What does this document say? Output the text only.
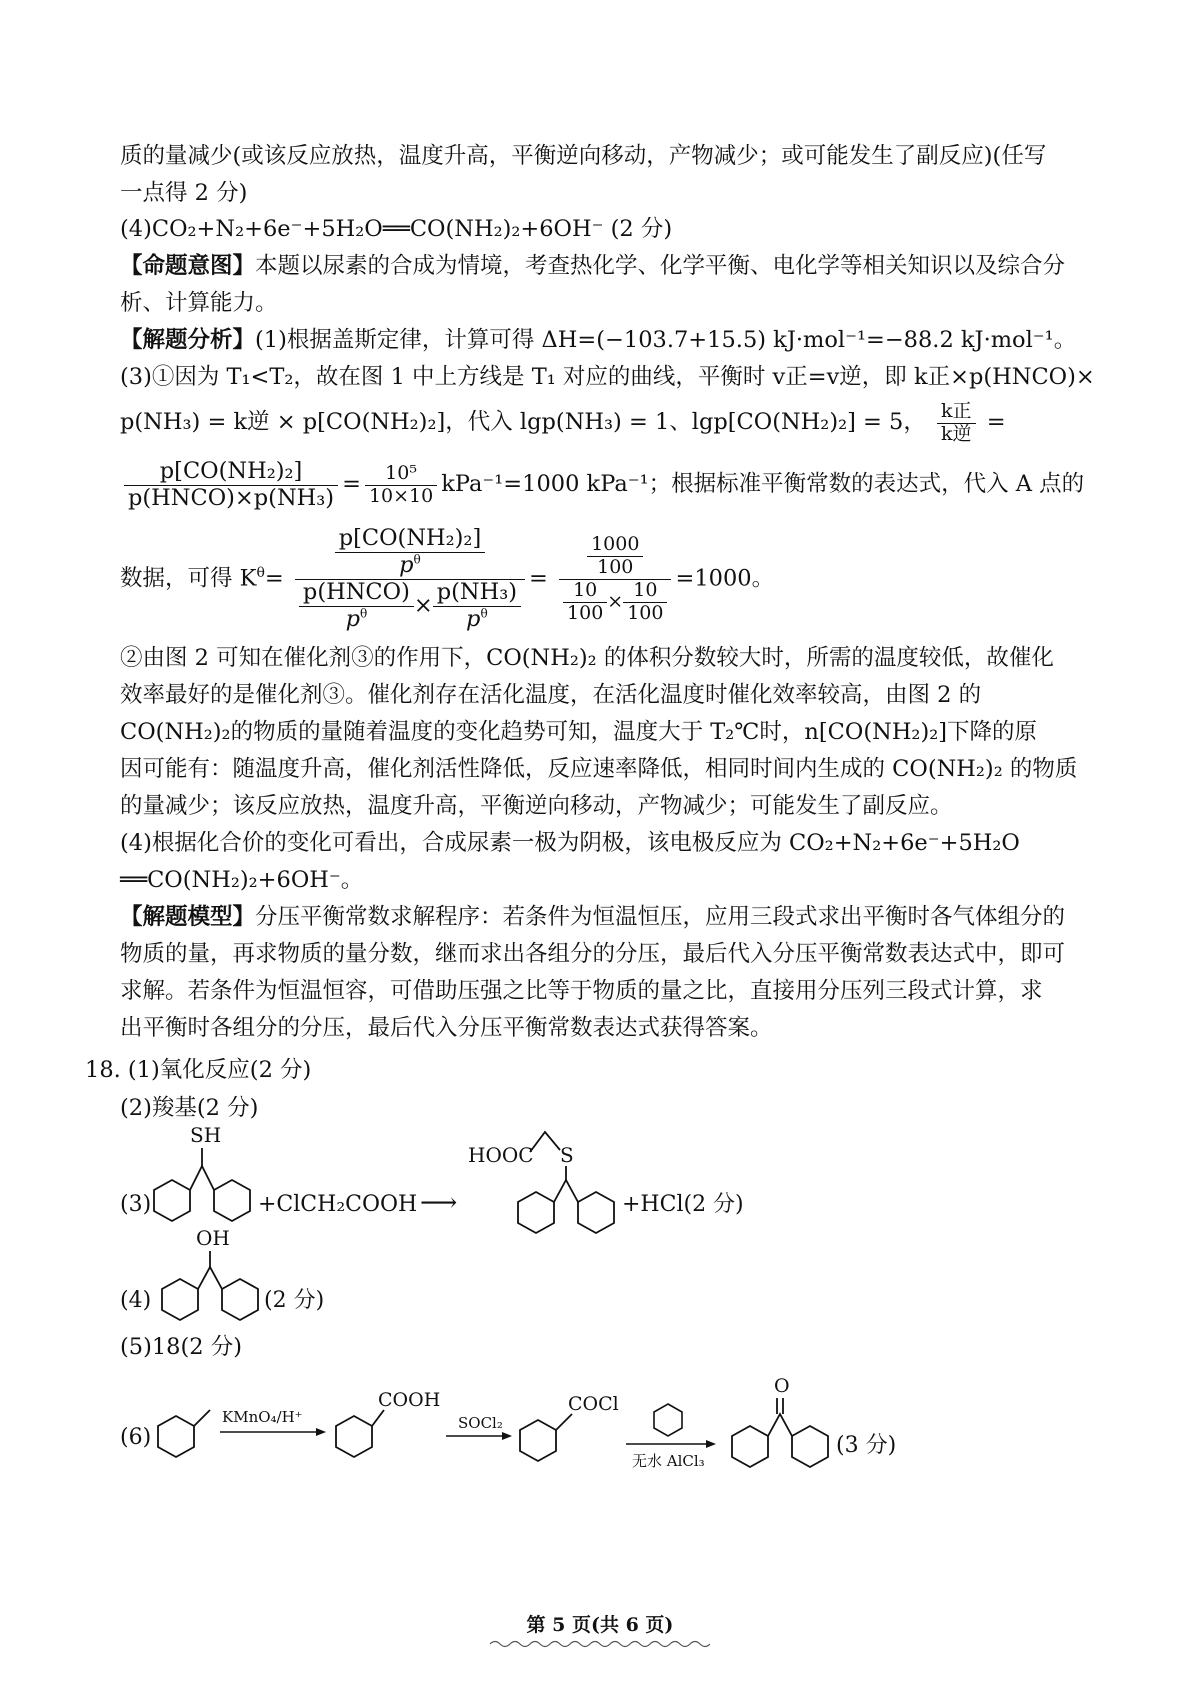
质的量减少(或该反应放热，温度升高，平衡逆向移动，产物减少；或可能发生了副反应)(任写
一点得 2 分)
(4)CO₂+N₂+6e⁻+5H₂O══CO(NH₂)₂+6OH⁻ (2 分)
【命题意图】本题以尿素的合成为情境，考查热化学、化学平衡、电化学等相关知识以及综合分
析、计算能力。
【解题分析】(1)根据盖斯定律，计算可得 ΔH=(−103.7+15.5) kJ·mol⁻¹=−88.2 kJ·mol⁻¹。
(3)①因为 T₁<T₂，故在图 1 中上方线是 T₁ 对应的曲线，平衡时 v正=v逆，即 k正×p(HNCO)×
p(NH₃) = k逆 × p[CO(NH₂)₂]，代入 lgp(NH₃) = 1、lgp[CO(NH₂)₂] = 5， $\frac{\text{k正}}{\text{k逆}}$ =
$\frac{\text{p[CO(NH₂)₂]}}{\text{p(HNCO)×p(NH₃)}} = \frac{\text{10⁵}}{10\times 10} kPa^{-1}=1000$ kPa⁻¹；根据标准平衡常数的表达式，代入 A 点的
数据，可得 $K^\theta= \frac{\frac{\text{p[CO(NH₂)₂]}}{p^\theta}}{\frac{\text{p(HNCO)}}{p^\theta} \times \frac{\text{p(NH₃)}}{p^\theta}} = \frac{\frac{1000}{100}}{\frac{10}{100} \times \frac{10}{100}} =1000$。
②由图 2 可知在催化剂③的作用下，CO(NH₂)₂ 的体积分数较大时，所需的温度较低，故催化
效率最好的是催化剂③。催化剂存在活化温度，在活化温度时催化效率较高，由图 2 的
CO(NH₂)₂的物质的量随着温度的变化趋势可知，温度大于 T₂℃时，n[CO(NH₂)₂]下降的原
因可能有：随温度升高，催化剂活性降低，反应速率降低，相同时间内生成的 CO(NH₂)₂ 的物质
的量减少；该反应放热，温度升高，平衡逆向移动，产物减少；可能发生了副反应。
(4)根据化合价的变化可看出，合成尿素一极为阴极，该电极反应为 CO₂+N₂+6e⁻+5H₂O
══CO(NH₂)₂+6OH⁻。
【解题模型】分压平衡常数求解程序：若条件为恒温恒压，应用三段式求出平衡时各气体组分的
物质的量，再求物质的量分数，继而求出各组分的分压，最后代入分压平衡常数表达式中，即可
求解。若条件为恒温恒容，可借助压强之比等于物质的量之比，直接用分压列三段式计算，求
出平衡时各组分的分压，最后代入分压平衡常数表达式获得答案。
18. (1)氧化反应(2 分)
(2)羧基(2 分)
(3)
SH
+ClCH₂COOH ⟶
HOOC S
+HCl(2 分)
(4)
OH
(2 分)
(5)18(2 分)
(6)
KMnO₄/H⁺
COOH
SOCl₂
COCl
无水 AlCl₃
O
(3 分)
第 5 页(共 6 页)
